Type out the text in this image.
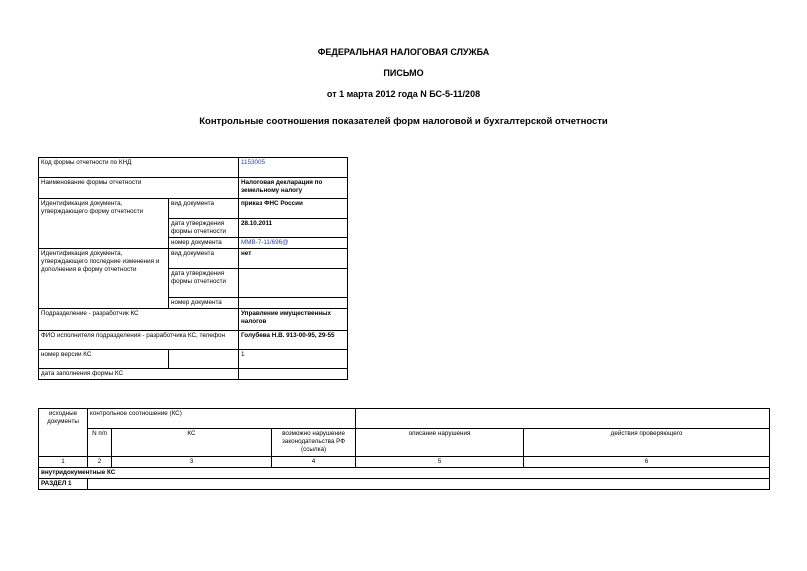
ФЕДЕРАЛЬНАЯ НАЛОГОВАЯ СЛУЖБА
ПИСЬМО
от 1 марта 2012 года N БС-5-11/208
Контрольные соотношения показателей форм налоговой и бухгалтерской отчетности
Код формы отчетности по КНД		1153005
Наименование формы отчетности		Налоговая декларация по земельному налогу
Идентификация документа, утверждающего форму отчетности	вид документа	приказ ФНС России
	дата утверждения формы отчетности	28.10.2011
	номер документа	ММВ-7-11/696@
Идентификация документа, утверждающего последние изменения и дополнения в форму отчетности	вид документа	нет
	дата утверждения формы отчетности	
	номер документа	
Подразделение - разработчик КС		Управление имущественных налогов
ФИО исполнителя подразделения - разработчика КС, телефон		Голубева Н.В. 913-00-95, 29-55
номер версии КС		1
дата заполнения формы КС		
исходные документы	контрольное соотношение (КС)				
	N п/п	КС	возможно нарушение законодательства РФ (ссылка)	описание нарушения	действия проверяющего
1	2	3	4	5	6
внутридокументные КС					
РАЗДЕЛ 1					
